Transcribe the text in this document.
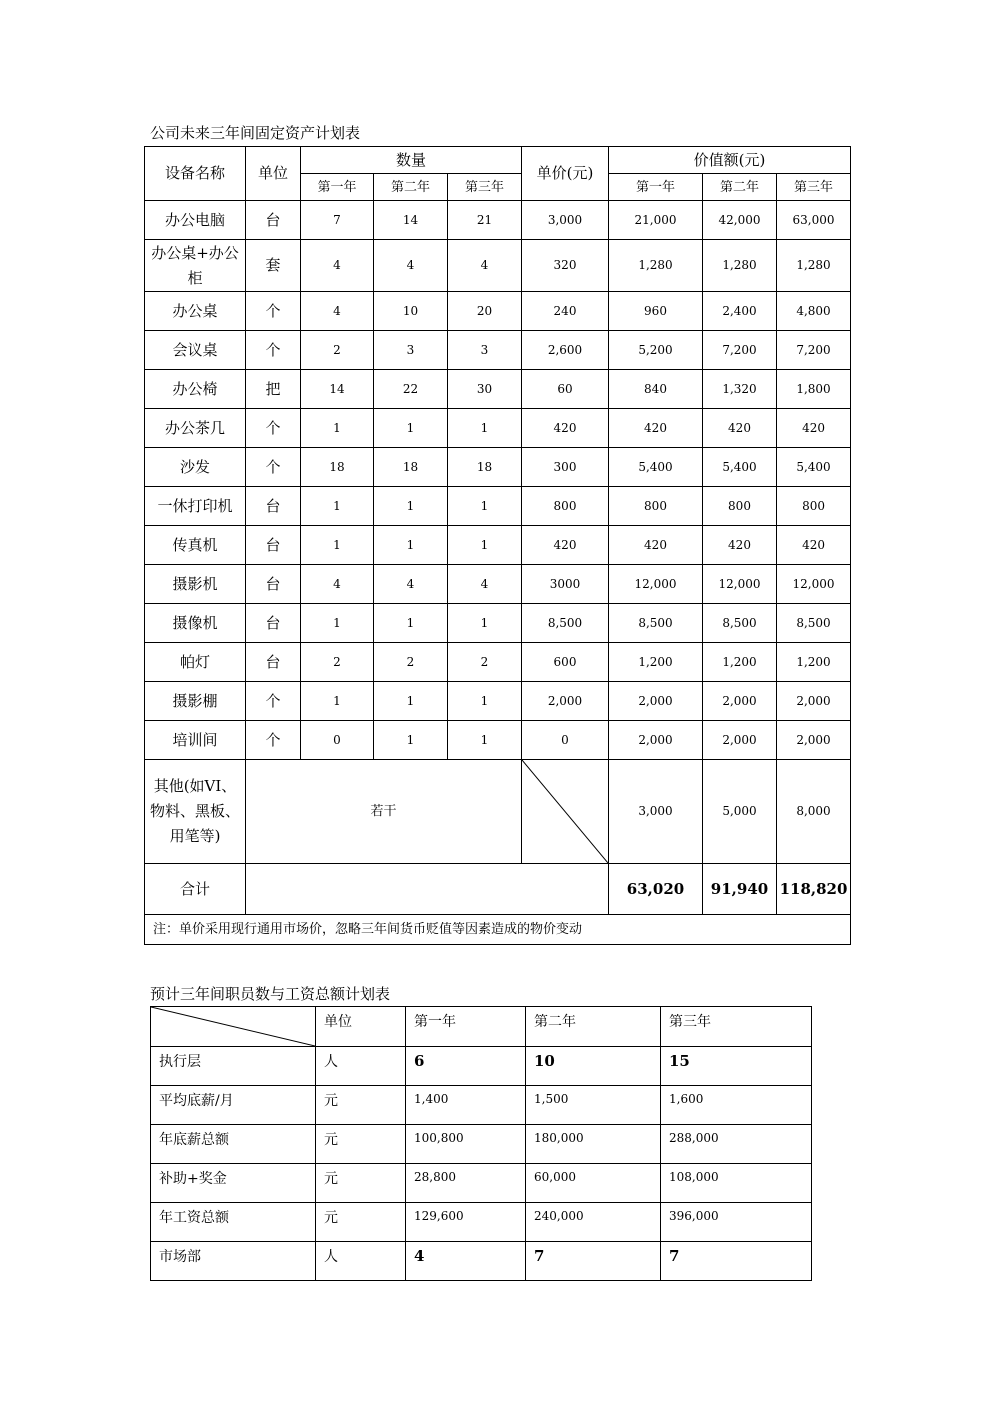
公司未来三年间固定资产计划表
设备名称	单位	数量			单价(元)	价值额(元)		
		第一年	第二年	第三年		第一年	第二年	第三年
办公电脑	台	7	14	21	3,000	21,000	42,000	63,000
办公桌+办公柜	套	4	4	4	320	1,280	1,280	1,280
办公桌	个	4	10	20	240	960	2,400	4,800
会议桌	个	2	3	3	2,600	5,200	7,200	7,200
办公椅	把	14	22	30	60	840	1,320	1,800
办公茶几	个	1	1	1	420	420	420	420
沙发	个	18	18	18	300	5,400	5,400	5,400
一休打印机	台	1	1	1	800	800	800	800
传真机	台	1	1	1	420	420	420	420
摄影机	台	4	4	4	3000	12,000	12,000	12,000
摄像机	台	1	1	1	8,500	8,500	8,500	8,500
帕灯	台	2	2	2	600	1,200	1,200	1,200
摄影棚	个	1	1	1	2,000	2,000	2,000	2,000
培训间	个	0	1	1	0	2,000	2,000	2,000
其他(如VI、物料、黑板、用笔等)	若干					3,000	5,000	8,000
合计						63,020	91,940	118,820
注：单价采用现行通用市场价，忽略三年间货币贬值等因素造成的物价变动								
预计三年间职员数与工资总额计划表
	单位	第一年	第二年	第三年
执行层	人	6	10	15
平均底薪/月	元	1,400	1,500	1,600
年底薪总额	元	100,800	180,000	288,000
补助+奖金	元	28,800	60,000	108,000
年工资总额	元	129,600	240,000	396,000
市场部	人	4	7	7
